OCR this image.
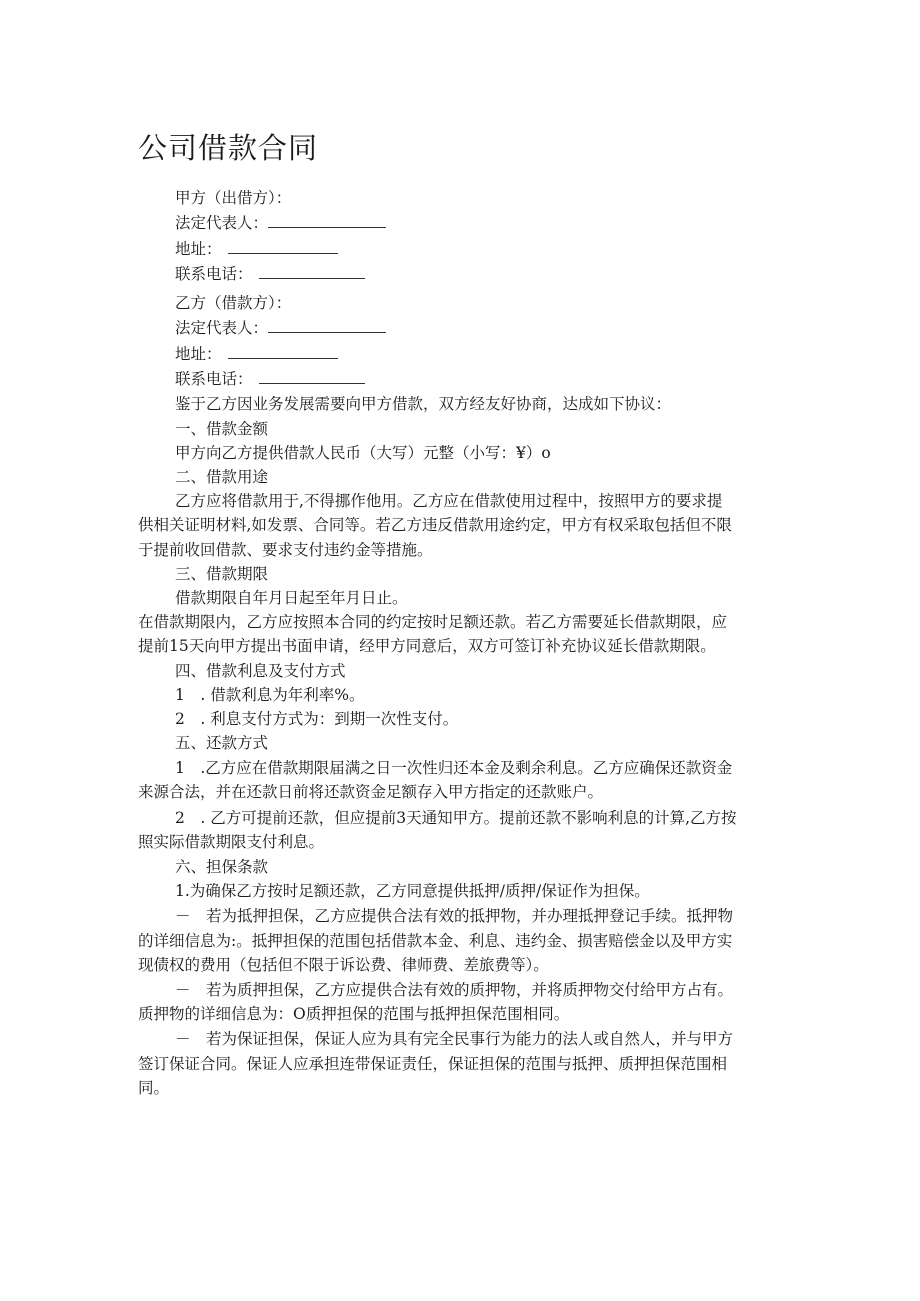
公司借款合同
甲方（出借方）：
法定代表人：
地址：
联系电话：
乙方（借款方）：
法定代表人：
地址：
联系电话：
鉴于乙方因业务发展需要向甲方借款，双方经友好协商，达成如下协议：
一、借款金额
甲方向乙方提供借款人民币（大写）元整（小写：¥）o
二、借款用途
乙方应将借款用于,不得挪作他用。乙方应在借款使用过程中，按照甲方的要求提
供相关证明材料,如发票、合同等。若乙方违反借款用途约定，甲方有权采取包括但不限
于提前收回借款、要求支付违约金等措施。
三、借款期限
借款期限自年月日起至年月日止。
在借款期限内，乙方应按照本合同的约定按时足额还款。若乙方需要延长借款期限，应
提前15天向甲方提出书面申请，经甲方同意后，双方可签订补充协议延长借款期限。
四、借款利息及支付方式
1　. 借款利息为年利率%。
2　. 利息支付方式为：到期一次性支付。
五、还款方式
1　.乙方应在借款期限届满之日一次性归还本金及剩余利息。乙方应确保还款资金
来源合法，并在还款日前将还款资金足额存入甲方指定的还款账户。
2　. 乙方可提前还款，但应提前3天通知甲方。提前还款不影响利息的计算,乙方按
照实际借款期限支付利息。
六、担保条款
1.为确保乙方按时足额还款，乙方同意提供抵押/质押/保证作为担保。
－　若为抵押担保，乙方应提供合法有效的抵押物，并办理抵押登记手续。抵押物
的详细信息为:。抵押担保的范围包括借款本金、利息、违约金、损害赔偿金以及甲方实
现债权的费用（包括但不限于诉讼费、律师费、差旅费等）。
－　若为质押担保，乙方应提供合法有效的质押物，并将质押物交付给甲方占有。
质押物的详细信息为：O质押担保的范围与抵押担保范围相同。
－　若为保证担保，保证人应为具有完全民事行为能力的法人或自然人，并与甲方
签订保证合同。保证人应承担连带保证责任，保证担保的范围与抵押、质押担保范围相
同。
